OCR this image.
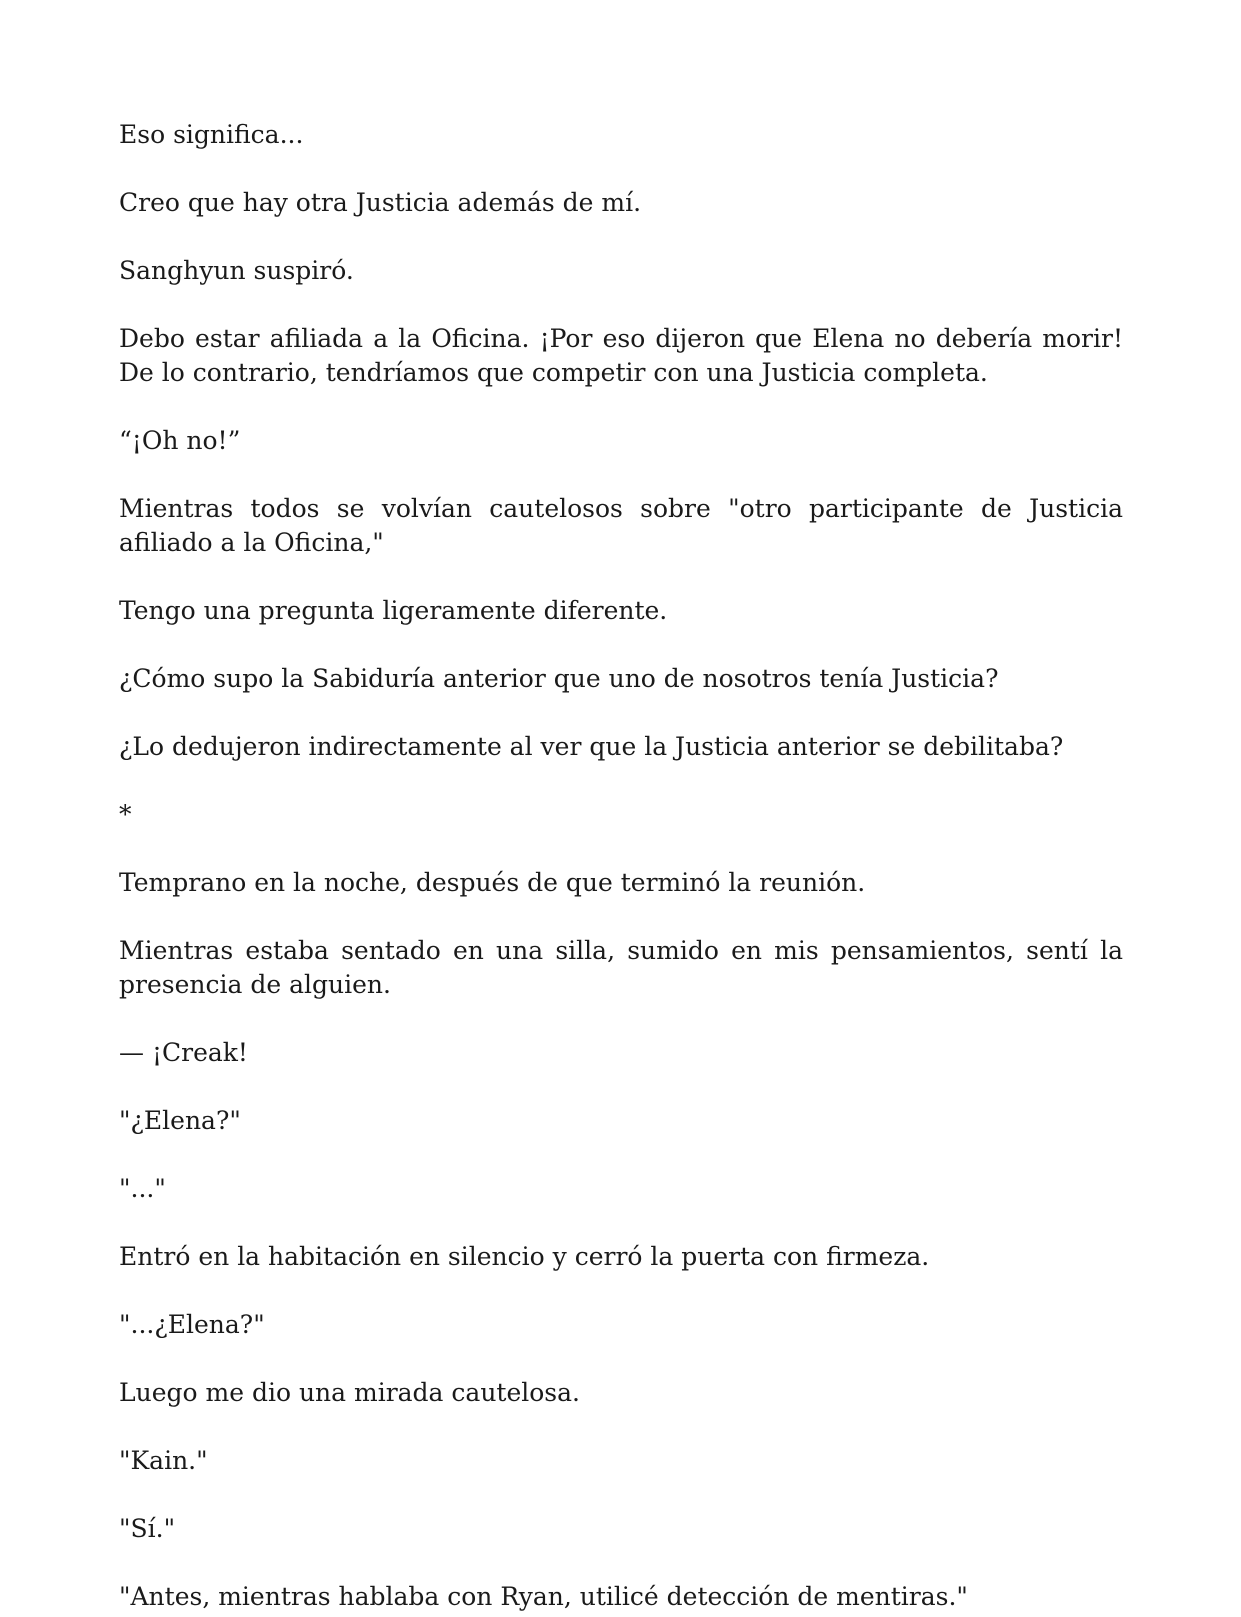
Eso significa...

Creo que hay otra Justicia además de mí.

Sanghyun suspiró.

Debo estar afiliada a la Oficina. ¡Por eso dijeron que Elena no debería morir! De lo contrario, tendríamos que competir con una Justicia completa.

“¡Oh no!”

Mientras todos se volvían cautelosos sobre "otro participante de Justicia afiliado a la Oficina,"

Tengo una pregunta ligeramente diferente.

¿Cómo supo la Sabiduría anterior que uno de nosotros tenía Justicia?

¿Lo dedujeron indirectamente al ver que la Justicia anterior se debilitaba?

*

Temprano en la noche, después de que terminó la reunión.

Mientras estaba sentado en una silla, sumido en mis pensamientos, sentí la presencia de alguien.

— ¡Creak!

"¿Elena?"

"..."

Entró en la habitación en silencio y cerró la puerta con firmeza.

"...¿Elena?"

Luego me dio una mirada cautelosa.

"Kain."

"Sí."

"Antes, mientras hablaba con Ryan, utilicé detección de mentiras."
